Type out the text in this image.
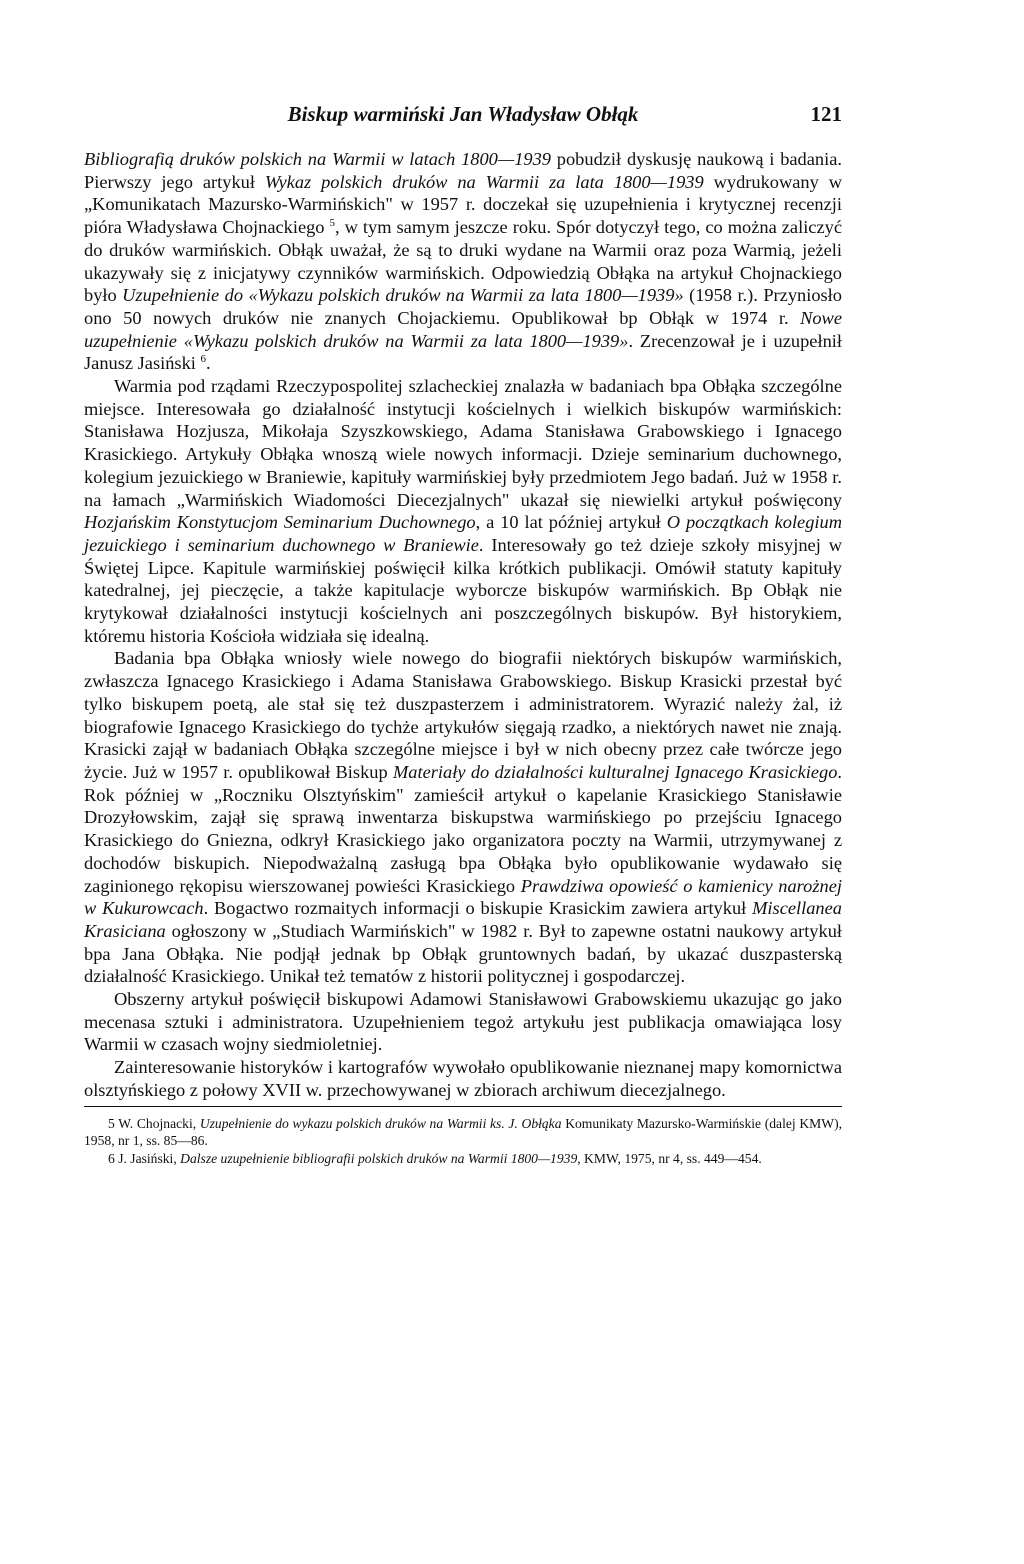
Biskup warmiński Jan Władysław Obłąk	121

Bibliografią druków polskich na Warmii w latach 1800—1939 pobudził dyskusję naukową i badania. Pierwszy jego artykuł Wykaz polskich druków na Warmii za lata 1800—1939 wydrukowany w „Komunikatach Mazursko-Warmińskich" w 1957 r. doczekał się uzupełnienia i krytycznej recenzji pióra Władysława Chojnackiego $^5$, w tym samym jeszcze roku. Spór dotyczył tego, co można zaliczyć do druków warmińskich. Obłąk uważał, że są to druki wydane na Warmii oraz poza Warmią, jeżeli ukazywały się z inicjatywy czynników warmińskich. Odpowiedzią Obłąka na artykuł Chojnackiego było Uzupełnienie do «Wykazu polskich druków na Warmii za lata 1800—1939» (1958 r.). Przyniosło ono 50 nowych druków nie znanych Chojackiemu. Opublikował bp Obłąk w 1974 r. Nowe uzupełnienie «Wykazu polskich druków na Warmii za lata 1800—1939». Zrecenzował je i uzupełnił Janusz Jasiński $^6$.

Warmia pod rządami Rzeczypospolitej szlacheckiej znalazła w badaniach bpa Obłąka szczególne miejsce. Interesowała go działalność instytucji kościelnych i wielkich biskupów warmińskich: Stanisława Hozjusza, Mikołaja Szyszkowskiego, Adama Stanisława Grabowskiego i Ignacego Krasickiego. Artykuły Obłąka wnoszą wiele nowych informacji. Dzieje seminarium duchownego, kolegium jezuickiego w Braniewie, kapituły warmińskiej były przedmiotem Jego badań. Już w 1958 r. na łamach „Warmińskich Wiadomości Diecezjalnych" ukazał się niewielki artykuł poświęcony Hozjańskim Konstytucjom Seminarium Duchownego, a 10 lat później artykuł O początkach kolegium jezuickiego i seminarium duchownego w Braniewie. Interesowały go też dzieje szkoły misyjnej w Świętej Lipce. Kapitule warmińskiej poświęcił kilka krótkich publikacji. Omówił statuty kapituły katedralnej, jej pieczęcie, a także kapitulacje wyborcze biskupów warmińskich. Bp Obłąk nie krytykował działalności instytucji kościelnych ani poszczególnych biskupów. Był historykiem, któremu historia Kościoła widziała się idealną.

Badania bpa Obłąka wniosły wiele nowego do biografii niektórych biskupów warmińskich, zwłaszcza Ignacego Krasickiego i Adama Stanisława Grabowskiego. Biskup Krasicki przestał być tylko biskupem poetą, ale stał się też duszpasterzem i administratorem. Wyrazić należy żal, iż biografowie Ignacego Krasickiego do tychże artykułów sięgają rzadko, a niektórych nawet nie znają. Krasicki zajął w badaniach Obłąka szczególne miejsce i był w nich obecny przez całe twórcze jego życie. Już w 1957 r. opublikował Biskup Materiały do działalności kulturalnej Ignacego Krasickiego. Rok później w „Roczniku Olsztyńskim" zamieścił artykuł o kapelanie Krasickiego Stanisławie Drozyłowskim, zajął się sprawą inwentarza biskupstwa warmińskiego po przejściu Ignacego Krasickiego do Gniezna, odkrył Krasickiego jako organizatora poczty na Warmii, utrzymywanej z dochodów biskupich. Niepodważalną zasługą bpa Obłąka było opublikowanie wydawało się zaginionego rękopisu wierszowanej powieści Krasickiego Prawdziwa opowieść o kamienicy narożnej w Kukurowcach. Bogactwo rozmaitych informacji o biskupie Krasickim zawiera artykuł Miscellanea Krasiciana ogłoszony w „Studiach Warmińskich" w 1982 r. Był to zapewne ostatni naukowy artykuł bpa Jana Obłąka. Nie podjął jednak bp Obłąk gruntownych badań, by ukazać duszpasterską działalność Krasickiego. Unikał też tematów z historii politycznej i gospodarczej.

Obszerny artykuł poświęcił biskupowi Adamowi Stanisławowi Grabowskiemu ukazując go jako mecenasa sztuki i administratora. Uzupełnieniem tegoż artykułu jest publikacja omawiająca losy Warmii w czasach wojny siedmioletniej.

Zainteresowanie historyków i kartografów wywołało opublikowanie nieznanej mapy komornictwa olsztyńskiego z połowy XVII w. przechowywanej w zbiorach archiwum diecezjalnego.

5 W. Chojnacki, Uzupełnienie do wykazu polskich druków na Warmii ks. J. Obłąka Komunikaty Mazursko-Warmińskie (dalej KMW), 1958, nr 1, ss. 85—86.

6 J. Jasiński, Dalsze uzupełnienie bibliografii polskich druków na Warmii 1800—1939, KMW, 1975, nr 4, ss. 449—454.
